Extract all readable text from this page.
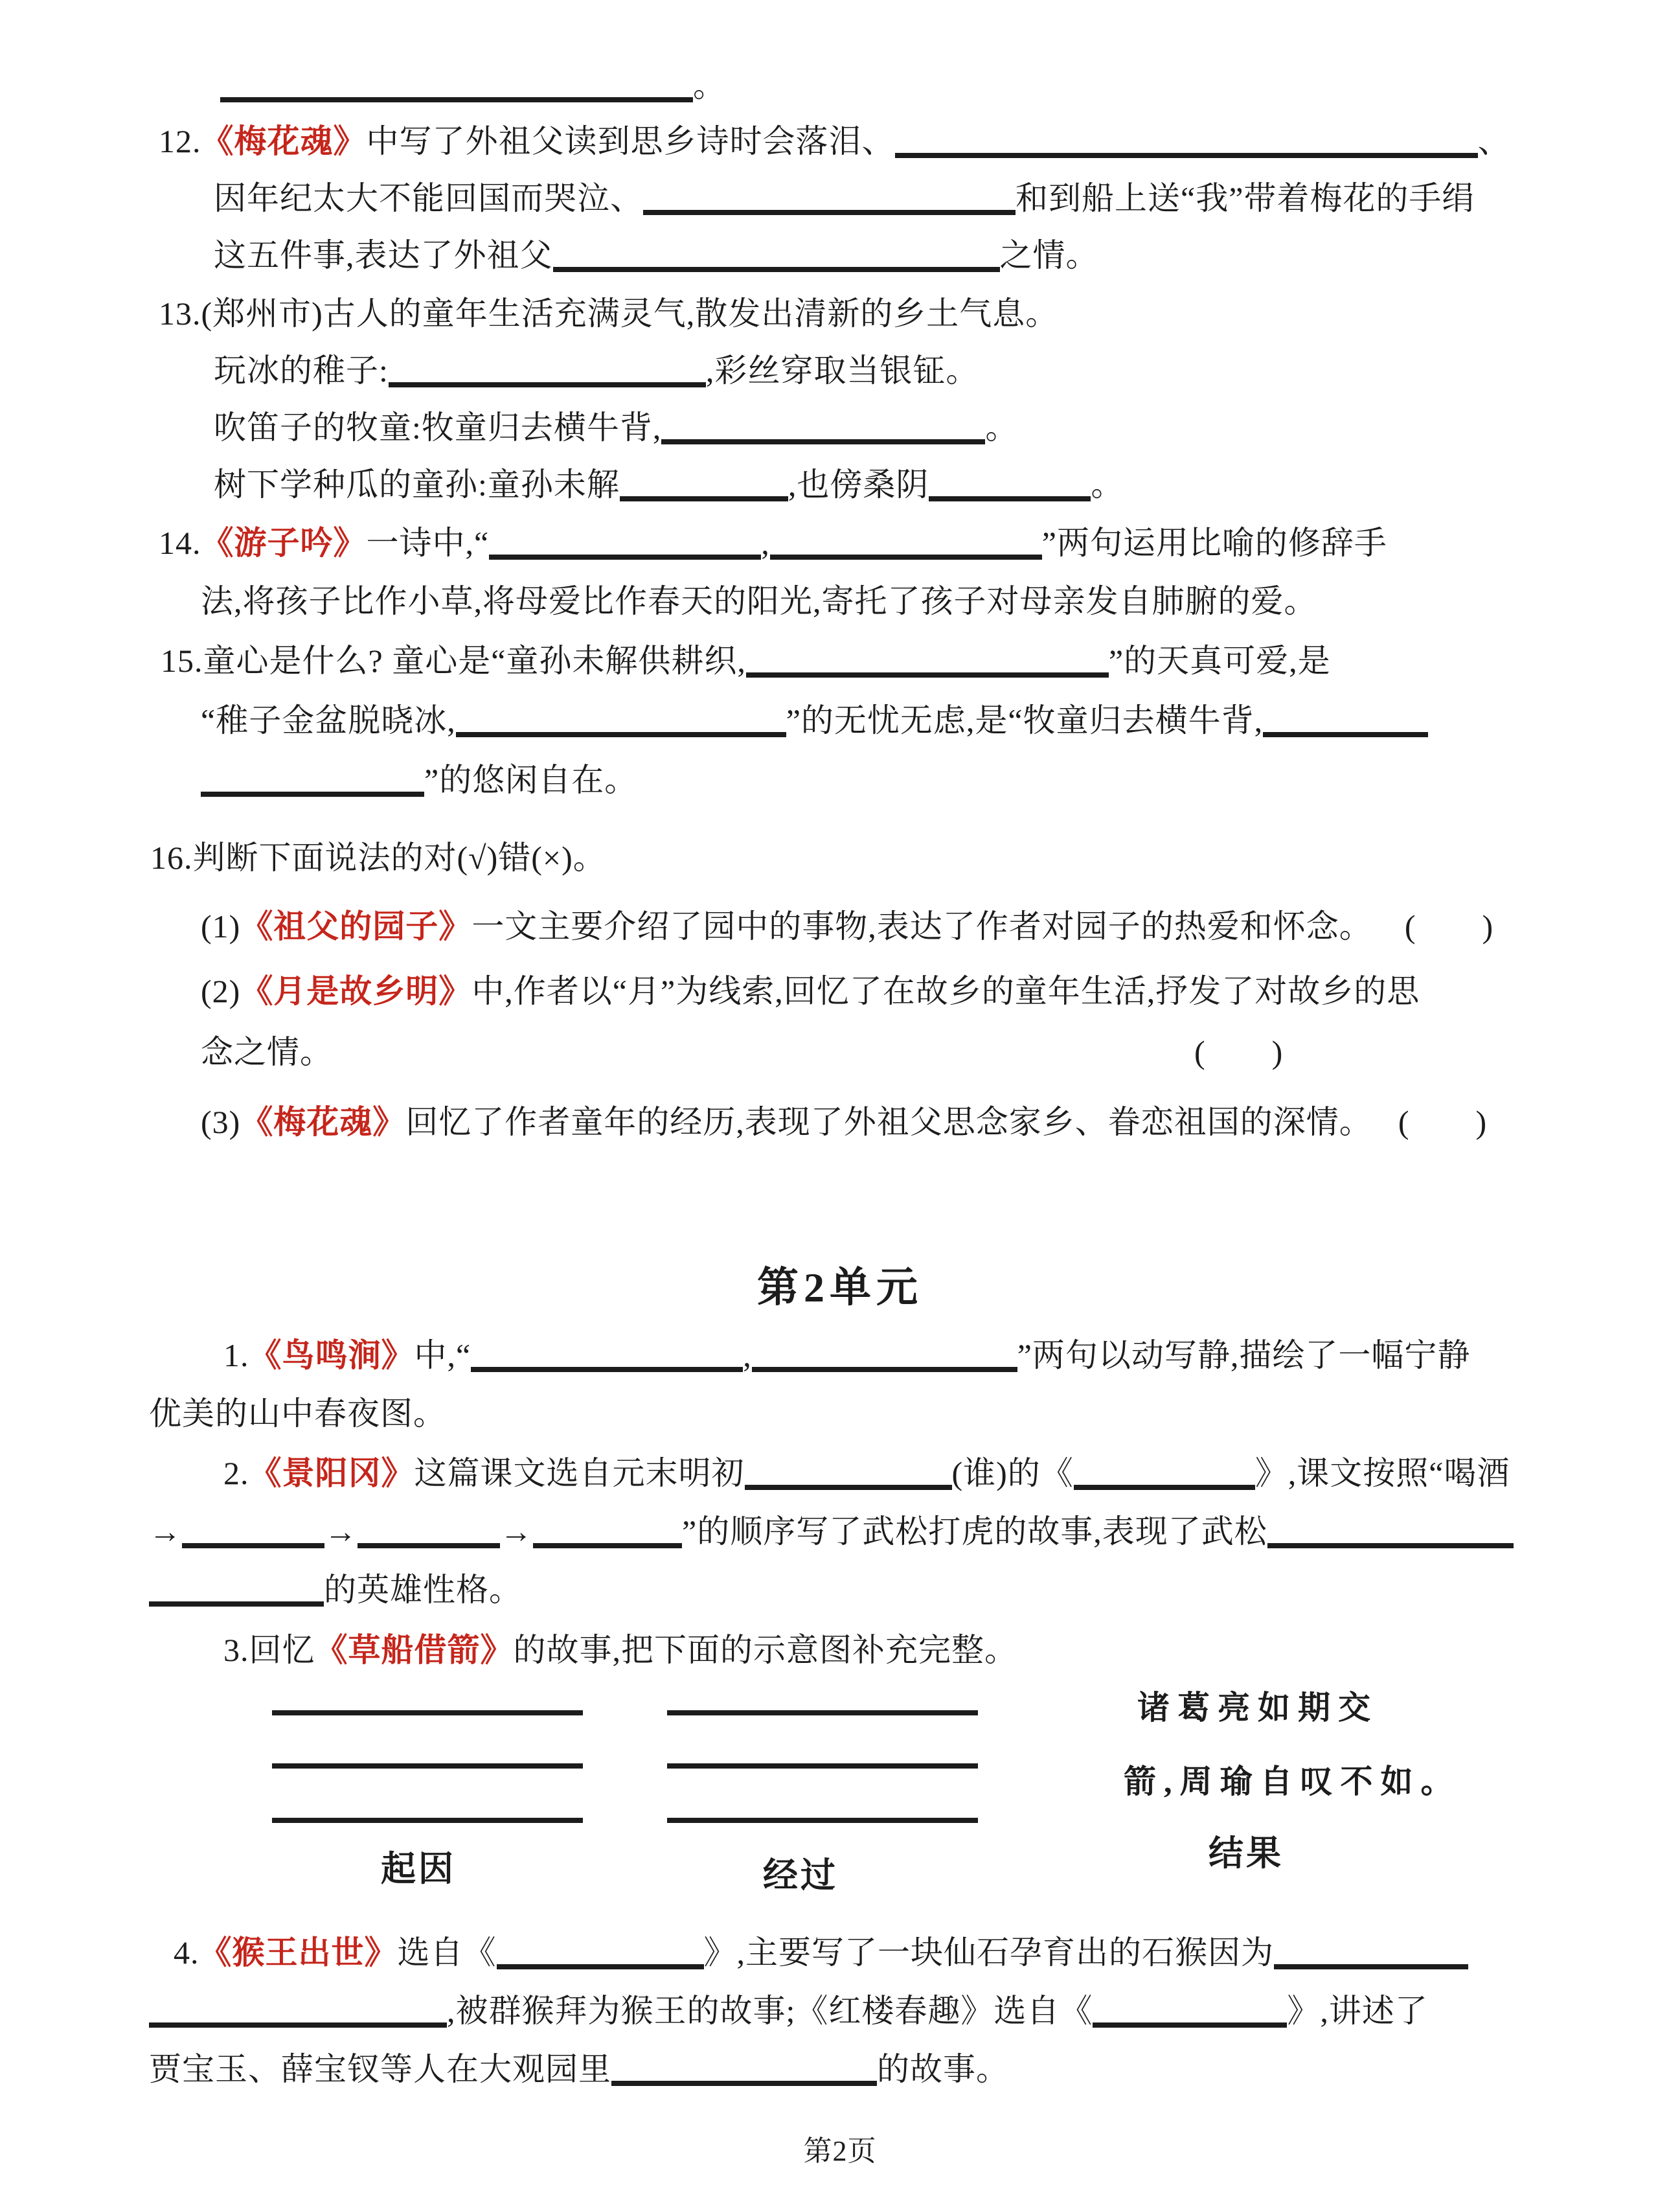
第2页
。
12.《梅花魂》中写了外祖父读到思乡诗时会落泪、	、
因年纪太大不能回国而哭泣、	和到船上送“我”带着梅花的手绢
这五件事,表达了外祖父	之情。
13.(郑州市)古人的童年生活充满灵气,散发出清新的乡土气息。
玩冰的稚子:	,彩丝穿取当银钲。
吹笛子的牧童:牧童归去横牛背,	。
树下学种瓜的童孙:童孙未解	,也傍桑阴	。
14.《游子吟》一诗中,“	,	”两句运用比喻的修辞手
法,将孩子比作小草,将母爱比作春天的阳光,寄托了孩子对母亲发自肺腑的爱。
15.童心是什么? 童心是“童孙未解供耕织,	”的天真可爱,是
“稚子金盆脱晓冰,	”的无忧无虑,是“牧童归去横牛背,
”的悠闲自在。
16.判断下面说法的对(√)错(×)。
(1)《祖父的园子》一文主要介绍了园中的事物,表达了作者对园子的热爱和怀念。 (　　)
(2)《月是故乡明》中,作者以“月”为线索,回忆了在故乡的童年生活,抒发了对故乡的思
念之情。	(　　)
(3)《梅花魂》回忆了作者童年的经历,表现了外祖父思念家乡、眷恋祖国的深情。 (　　)
第2单元
1.《鸟鸣涧》中,“	,	”两句以动写静,描绘了一幅宁静
优美的山中春夜图。
2.《景阳冈》这篇课文选自元末明初	(谁)的《	》,课文按照“喝酒
→	→	→	”的顺序写了武松打虎的故事,表现了武松
的英雄性格。
3.回忆《草船借箭》的故事,把下面的示意图补充完整。
4.《猴王出世》选自《	》,主要写了一块仙石孕育出的石猴因为
,被群猴拜为猴王的故事;《红楼春趣》选自《	》,讲述了
贾宝玉、薛宝钗等人在大观园里	的故事。
起因	经过
结果
诸葛亮如期交
箭,周瑜自叹不如。
